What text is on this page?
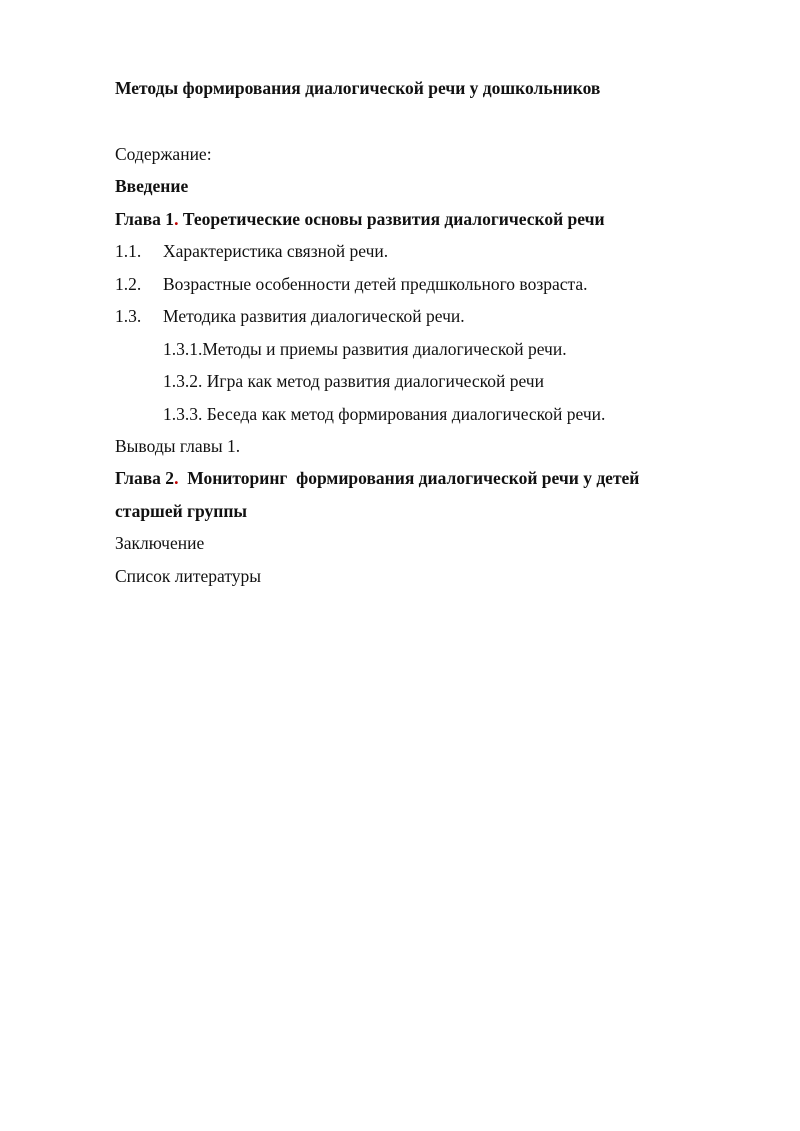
Методы формирования диалогической речи у дошкольников
Содержание:
Введение
Глава 1. Теоретические основы развития диалогической речи
1.1. Характеристика связной речи.
1.2. Возрастные особенности детей предшкольного возраста.
1.3. Методика развития диалогической речи.
1.3.1.Методы и приемы развития диалогической речи.
1.3.2. Игра как метод развития диалогической речи
1.3.3. Беседа как метод формирования диалогической речи.
Выводы главы 1.
Глава 2.  Мониторинг  формирования диалогической речи у детей
старшей группы
Заключение
Список литературы
